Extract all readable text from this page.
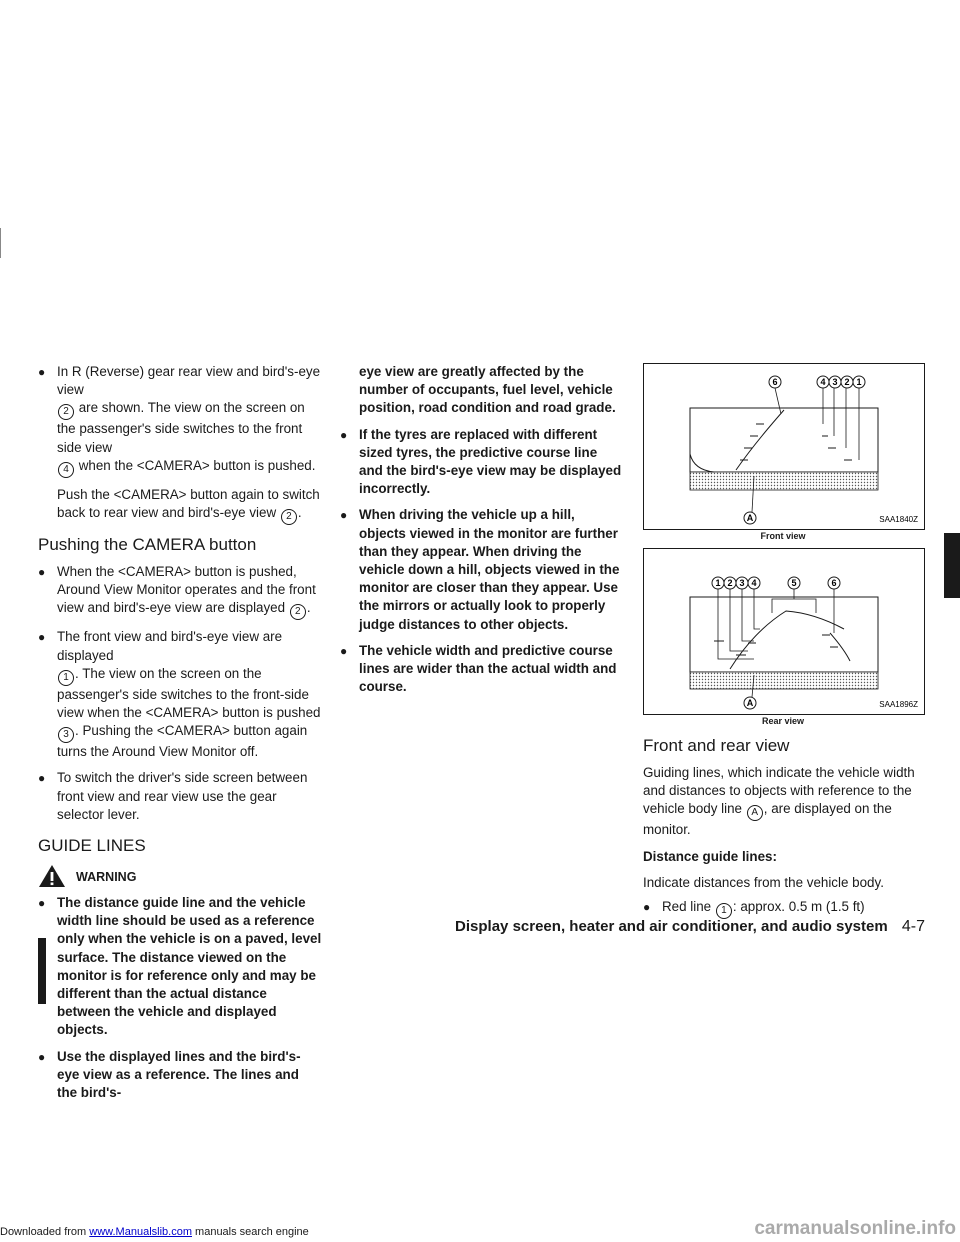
● In R (Reverse) gear rear view and bird's-eye view
2 are shown. The view on the screen on the passenger's side switches to the front side view
4 when the <CAMERA> button is pushed.
Push the <CAMERA> button again to switch back to rear view and bird's-eye view 2 .
Pushing the CAMERA button
● When the <CAMERA> button is pushed, Around View Monitor operates and the front view and bird's-eye view are displayed 2 .
● The front view and bird's-eye view are displayed
1 . The view on the screen on the passenger's side switches to the front-side view when the <CAMERA> button is pushed 3 . Pushing the <CAMERA> button again turns the Around View Monitor off.
● To switch the driver's side screen between front view and rear view use the gear selector lever.
GUIDE LINES
WARNING
● The distance guide line and the vehicle width line should be used as a reference only when the vehicle is on a paved, level surface. The distance viewed on the monitor is for reference only and may be different than the actual distance between the vehicle and displayed objects.
● Use the displayed lines and the bird's-eye view as a reference. The lines and the bird's-
eye view are greatly affected by the number of occupants, fuel level, vehicle position, road condition and road grade.
● If the tyres are replaced with different sized tyres, the predictive course line and the bird's-eye view may be displayed incorrectly.
● When driving the vehicle up a hill, objects viewed in the monitor are further than they appear. When driving the vehicle down a hill, objects viewed in the monitor are closer than they appear. Use the mirrors or actually look to properly judge distances to other objects.
● The vehicle width and predictive course lines are wider than the actual width and course.
6	4 3 2 1
A	SAA1840Z
Front view
1 2 3 4	5	6
A	SAA1896Z
Rear view
Front and rear view
Guiding lines, which indicate the vehicle width and distances to objects with reference to the vehicle body line A , are displayed on the monitor.
Distance guide lines:
Indicate distances from the vehicle body.
● Red line 1 : approx. 0.5 m (1.5 ft)
Display screen, heater and air conditioner, and audio system 4-7
Downloaded from www.Manualslib.com manuals search engine	carmanualsonline.info
